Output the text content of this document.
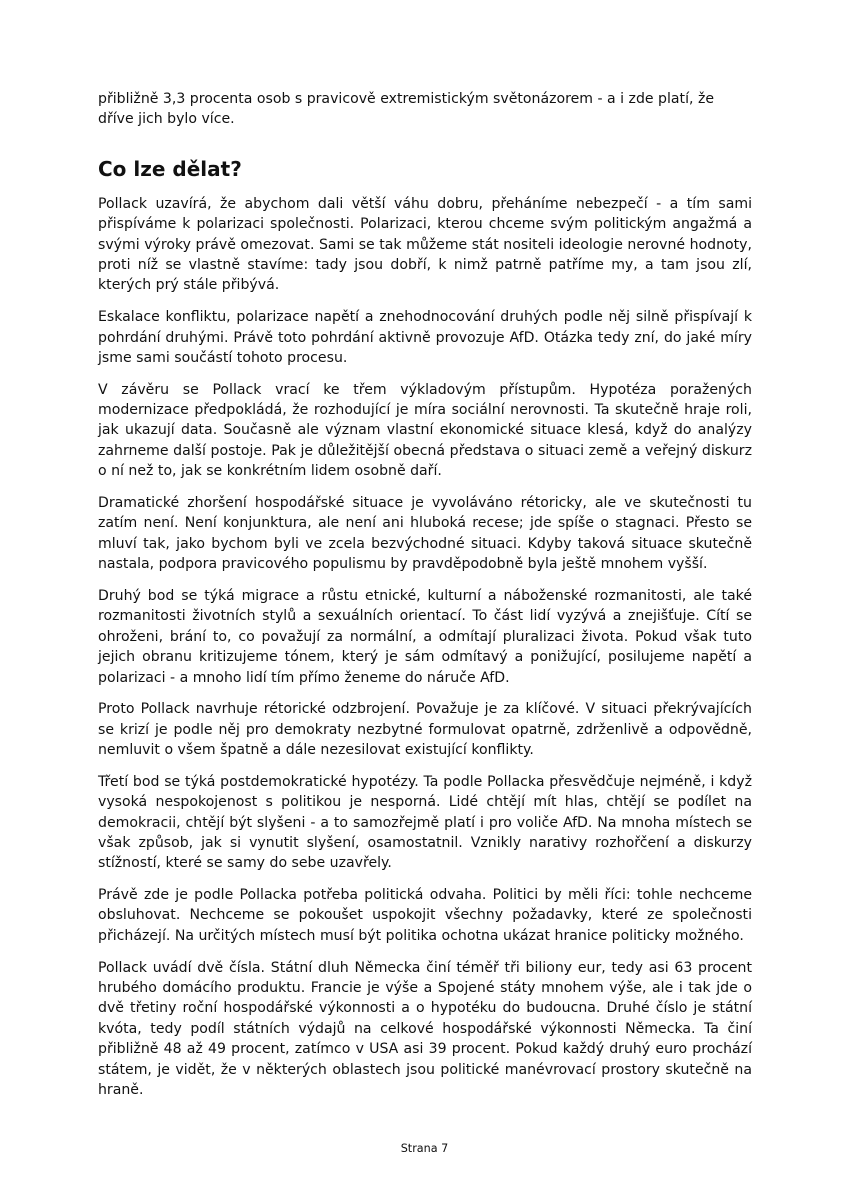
přibližně 3,3 procenta osob s pravicově extremistickým světonázorem - a i zde platí, že dříve jich bylo více.

Co lze dělat?

Pollack uzavírá, že abychom dali větší váhu dobru, přeháníme nebezpečí - a tím sami přispíváme k polarizaci společnosti. Polarizaci, kterou chceme svým politickým angažmá a svými výroky právě omezovat. Sami se tak můžeme stát nositeli ideologie nerovné hodnoty, proti níž se vlastně stavíme: tady jsou dobří, k nimž patrně patříme my, a tam jsou zlí, kterých prý stále přibývá.

Eskalace konfliktu, polarizace napětí a znehodnocování druhých podle něj silně přispívají k pohrdání druhými. Právě toto pohrdání aktivně provozuje AfD. Otázka tedy zní, do jaké míry jsme sami součástí tohoto procesu.

V závěru se Pollack vrací ke třem výkladovým přístupům. Hypotéza poražených modernizace předpokládá, že rozhodující je míra sociální nerovnosti. Ta skutečně hraje roli, jak ukazují data. Současně ale význam vlastní ekonomické situace klesá, když do analýzy zahrneme další postoje. Pak je důležitější obecná představa o situaci země a veřejný diskurz o ní než to, jak se konkrétním lidem osobně daří.

Dramatické zhoršení hospodářské situace je vyvoláváno rétoricky, ale ve skutečnosti tu zatím není. Není konjunktura, ale není ani hluboká recese; jde spíše o stagnaci. Přesto se mluví tak, jako bychom byli ve zcela bezvýchodné situaci. Kdyby taková situace skutečně nastala, podpora pravicového populismu by pravděpodobně byla ještě mnohem vyšší.

Druhý bod se týká migrace a růstu etnické, kulturní a náboženské rozmanitosti, ale také rozmanitosti životních stylů a sexuálních orientací. To část lidí vyzývá a znejišťuje. Cítí se ohroženi, brání to, co považují za normální, a odmítají pluralizaci života. Pokud však tuto jejich obranu kritizujeme tónem, který je sám odmítavý a ponižující, posilujeme napětí a polarizaci - a mnoho lidí tím přímo ženeme do náruče AfD.

Proto Pollack navrhuje rétorické odzbrojení. Považuje je za klíčové. V situaci překrývajících se krizí je podle něj pro demokraty nezbytné formulovat opatrně, zdrženlivě a odpovědně, nemluvit o všem špatně a dále nezesilovat existující konflikty.

Třetí bod se týká postdemokratické hypotézy. Ta podle Pollacka přesvědčuje nejméně, i když vysoká nespokojenost s politikou je nesporná. Lidé chtějí mít hlas, chtějí se podílet na demokracii, chtějí být slyšeni - a to samozřejmě platí i pro voliče AfD. Na mnoha místech se však způsob, jak si vynutit slyšení, osamostatnil. Vznikly narativy rozhořčení a diskurzy stížností, které se samy do sebe uzavřely.

Právě zde je podle Pollacka potřeba politická odvaha. Politici by měli říci: tohle nechceme obsluhovat. Nechceme se pokoušet uspokojit všechny požadavky, které ze společnosti přicházejí. Na určitých místech musí být politika ochotna ukázat hranice politicky možného.

Pollack uvádí dvě čísla. Státní dluh Německa činí téměř tři biliony eur, tedy asi 63 procent hrubého domácího produktu. Francie je výše a Spojené státy mnohem výše, ale i tak jde o dvě třetiny roční hospodářské výkonnosti a o hypotéku do budoucna. Druhé číslo je státní kvóta, tedy podíl státních výdajů na celkové hospodářské výkonnosti Německa. Ta činí přibližně 48 až 49 procent, zatímco v USA asi 39 procent. Pokud každý druhý euro prochází státem, je vidět, že v některých oblastech jsou politické manévrovací prostory skutečně na hraně.

Strana 7
